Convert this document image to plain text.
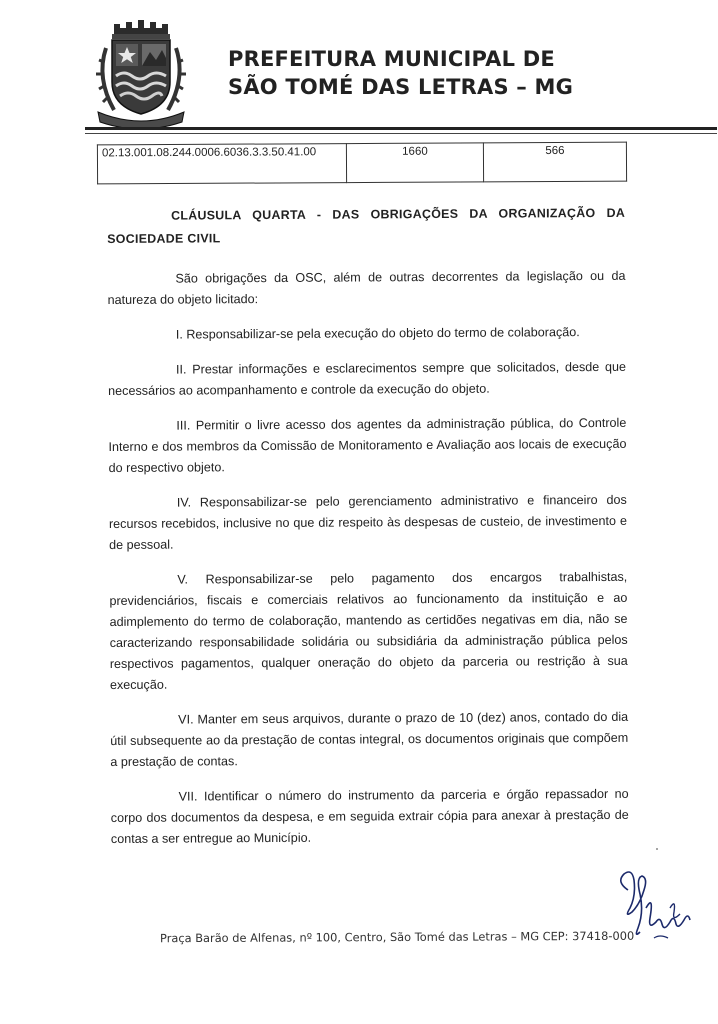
PREFEITURA MUNICIPAL DE
SÃO TOMÉ DAS LETRAS – MG
02.13.001.08.244.0006.6036.3.3.50.41.00	1660	566

CLÁUSULA QUARTA - DAS OBRIGAÇÕES DA ORGANIZAÇÃO DA SOCIEDADE CIVIL

São obrigações da OSC, além de outras decorrentes da legislação ou da natureza do objeto licitado:

I. Responsabilizar-se pela execução do objeto do termo de colaboração.

II. Prestar informações e esclarecimentos sempre que solicitados, desde que necessários ao acompanhamento e controle da execução do objeto.

III. Permitir o livre acesso dos agentes da administração pública, do Controle Interno e dos membros da Comissão de Monitoramento e Avaliação aos locais de execução do respectivo objeto.

IV. Responsabilizar-se pelo gerenciamento administrativo e financeiro dos recursos recebidos, inclusive no que diz respeito às despesas de custeio, de investimento e de pessoal.

V. Responsabilizar-se pelo pagamento dos encargos trabalhistas, previdenciários, fiscais e comerciais relativos ao funcionamento da instituição e ao adimplemento do termo de colaboração, mantendo as certidões negativas em dia, não se caracterizando responsabilidade solidária ou subsidiária da administração pública pelos respectivos pagamentos, qualquer oneração do objeto da parceria ou restrição à sua execução.

VI. Manter em seus arquivos, durante o prazo de 10 (dez) anos, contado do dia útil subsequente ao da prestação de contas integral, os documentos originais que compõem a prestação de contas.

VII. Identificar o número do instrumento da parceria e órgão repassador no corpo dos documentos da despesa, e em seguida extrair cópia para anexar à prestação de contas a ser entregue ao Município.

Praça Barão de Alfenas, nº 100, Centro, São Tomé das Letras – MG CEP: 37418-000
